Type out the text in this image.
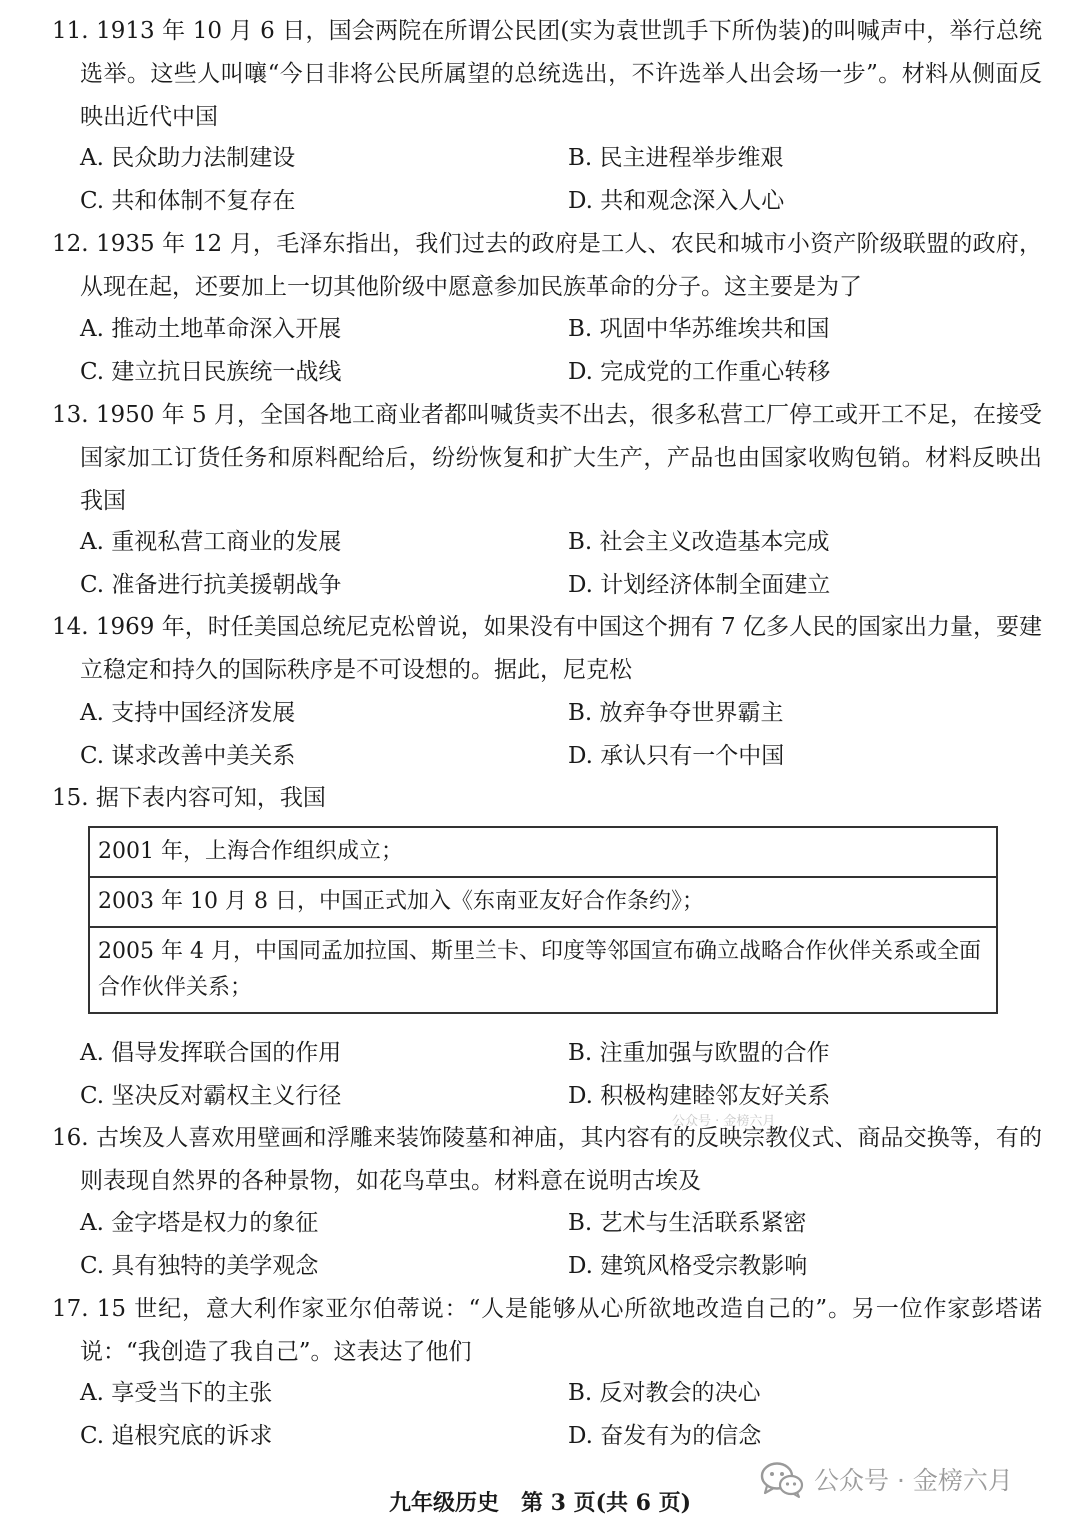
11. 1913 年 10 月 6 日，国会两院在所谓公民团(实为袁世凯手下所伪装)的叫喊声中，举行总统选举。这些人叫嚷“今日非将公民所属望的总统选出，不许选举人出会场一步”。材料从侧面反映出近代中国
A. 民众助力法制建设	B. 民主进程举步维艰
C. 共和体制不复存在	D. 共和观念深入人心
12. 1935 年 12 月，毛泽东指出，我们过去的政府是工人、农民和城市小资产阶级联盟的政府，从现在起，还要加上一切其他阶级中愿意参加民族革命的分子。这主要是为了
A. 推动土地革命深入开展	B. 巩固中华苏维埃共和国
C. 建立抗日民族统一战线	D. 完成党的工作重心转移
13. 1950 年 5 月，全国各地工商业者都叫喊货卖不出去，很多私营工厂停工或开工不足，在接受国家加工订货任务和原料配给后，纷纷恢复和扩大生产，产品也由国家收购包销。材料反映出我国
A. 重视私营工商业的发展	B. 社会主义改造基本完成
C. 准备进行抗美援朝战争	D. 计划经济体制全面建立
14. 1969 年，时任美国总统尼克松曾说，如果没有中国这个拥有 7 亿多人民的国家出力量，要建立稳定和持久的国际秩序是不可设想的。据此，尼克松
A. 支持中国经济发展	B. 放弃争夺世界霸主
C. 谋求改善中美关系	D. 承认只有一个中国
15. 据下表内容可知，我国
2001 年，上海合作组织成立；
2003 年 10 月 8 日，中国正式加入《东南亚友好合作条约》；
2005 年 4 月，中国同孟加拉国、斯里兰卡、印度等邻国宣布确立战略合作伙伴关系或全面合作伙伴关系；
A. 倡导发挥联合国的作用	B. 注重加强与欧盟的合作
C. 坚决反对霸权主义行径	D. 积极构建睦邻友好关系
公众号 · 金榜六月
16. 古埃及人喜欢用壁画和浮雕来装饰陵墓和神庙，其内容有的反映宗教仪式、商品交换等，有的则表现自然界的各种景物，如花鸟草虫。材料意在说明古埃及
A. 金字塔是权力的象征	B. 艺术与生活联系紧密
C. 具有独特的美学观念	D. 建筑风格受宗教影响
17. 15 世纪，意大利作家亚尔伯蒂说：“人是能够从心所欲地改造自己的”。另一位作家彭塔诺说：“我创造了我自己”。这表达了他们
A. 享受当下的主张	B. 反对教会的决心
C. 追根究底的诉求	D. 奋发有为的信念
九年级历史　第 3 页(共 6 页)
公众号 · 金榜六月
